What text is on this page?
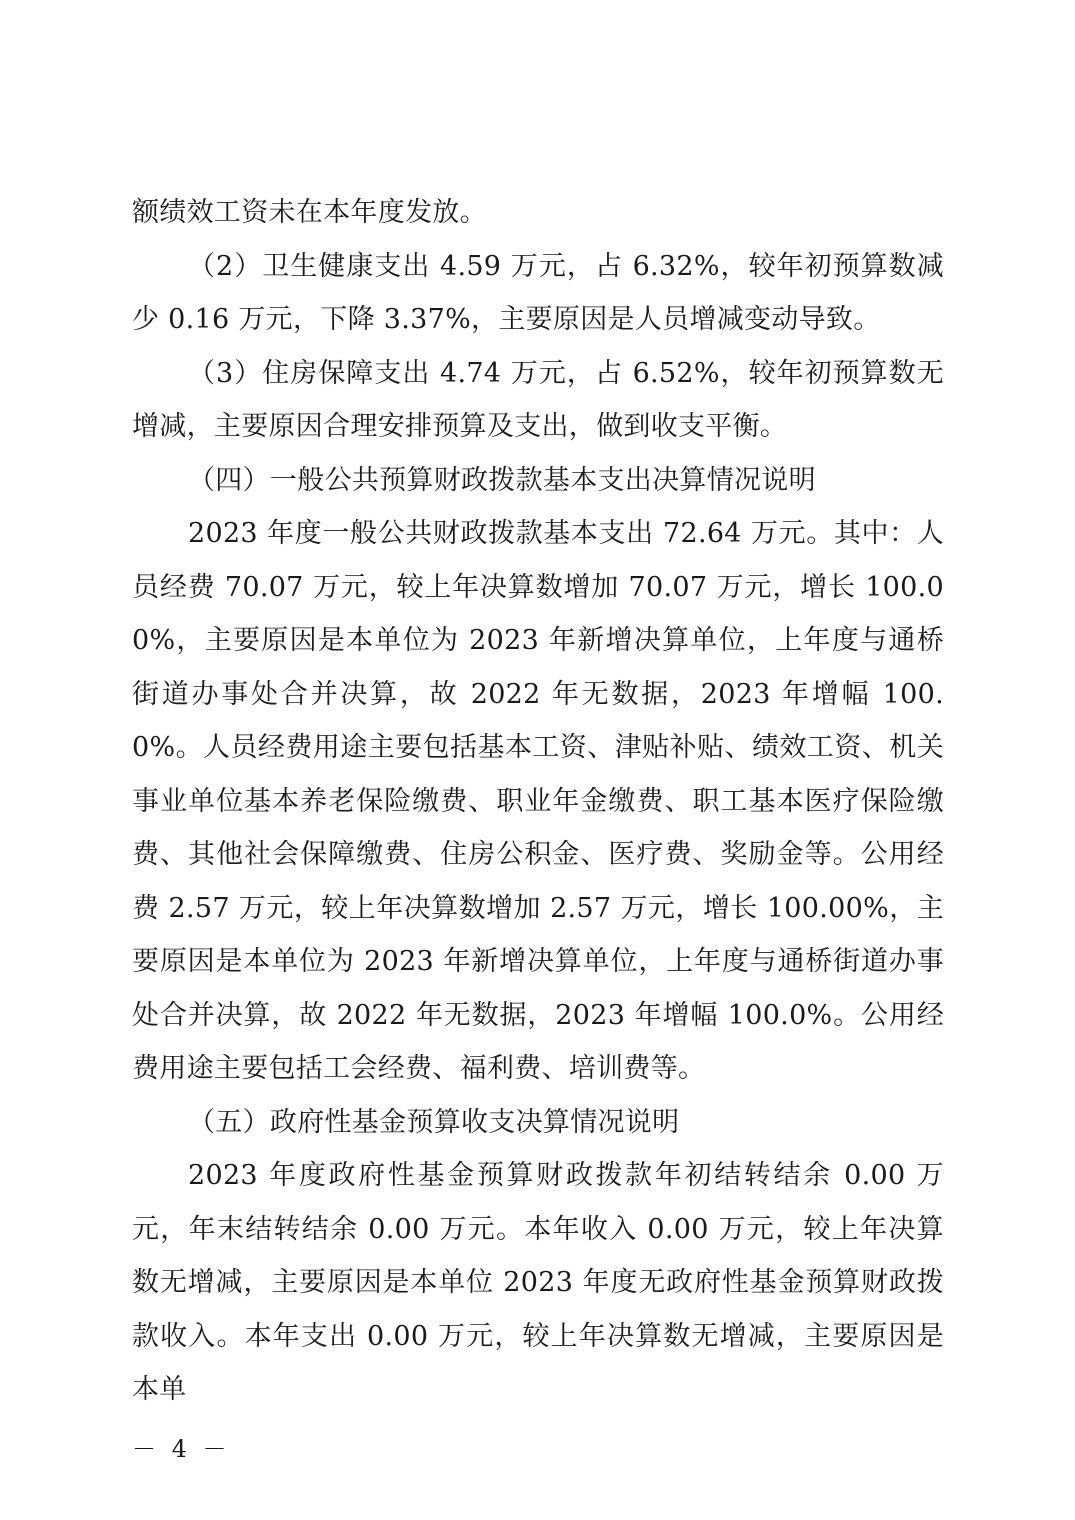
额绩效工资未在本年度发放。

（2）卫生健康支出 4.59 万元，占 6.32%，较年初预算数减少 0.16 万元，下降 3.37%，主要原因是人员增减变动导致。

（3）住房保障支出 4.74 万元，占 6.52%，较年初预算数无增减，主要原因合理安排预算及支出，做到收支平衡。

（四）一般公共预算财政拨款基本支出决算情况说明

2023 年度一般公共财政拨款基本支出 72.64 万元。其中：人员经费 70.07 万元，较上年决算数增加 70.07 万元，增长 100.00%，主要原因是本单位为 2023 年新增决算单位，上年度与通桥街道办事处合并决算，故 2022 年无数据，2023 年增幅 100.0%。人员经费用途主要包括基本工资、津贴补贴、绩效工资、机关事业单位基本养老保险缴费、职业年金缴费、职工基本医疗保险缴费、其他社会保障缴费、住房公积金、医疗费、奖励金等。公用经费 2.57 万元，较上年决算数增加 2.57 万元，增长 100.00%，主要原因是本单位为 2023 年新增决算单位，上年度与通桥街道办事处合并决算，故 2022 年无数据，2023 年增幅 100.0%。公用经费用途主要包括工会经费、福利费、培训费等。

（五）政府性基金预算收支决算情况说明

2023 年度政府性基金预算财政拨款年初结转结余 0.00 万元，年末结转结余 0.00 万元。本年收入 0.00 万元，较上年决算数无增减，主要原因是本单位 2023 年度无政府性基金预算财政拨款收入。本年支出 0.00 万元，较上年决算数无增减，主要原因是本单

－ 4 －
